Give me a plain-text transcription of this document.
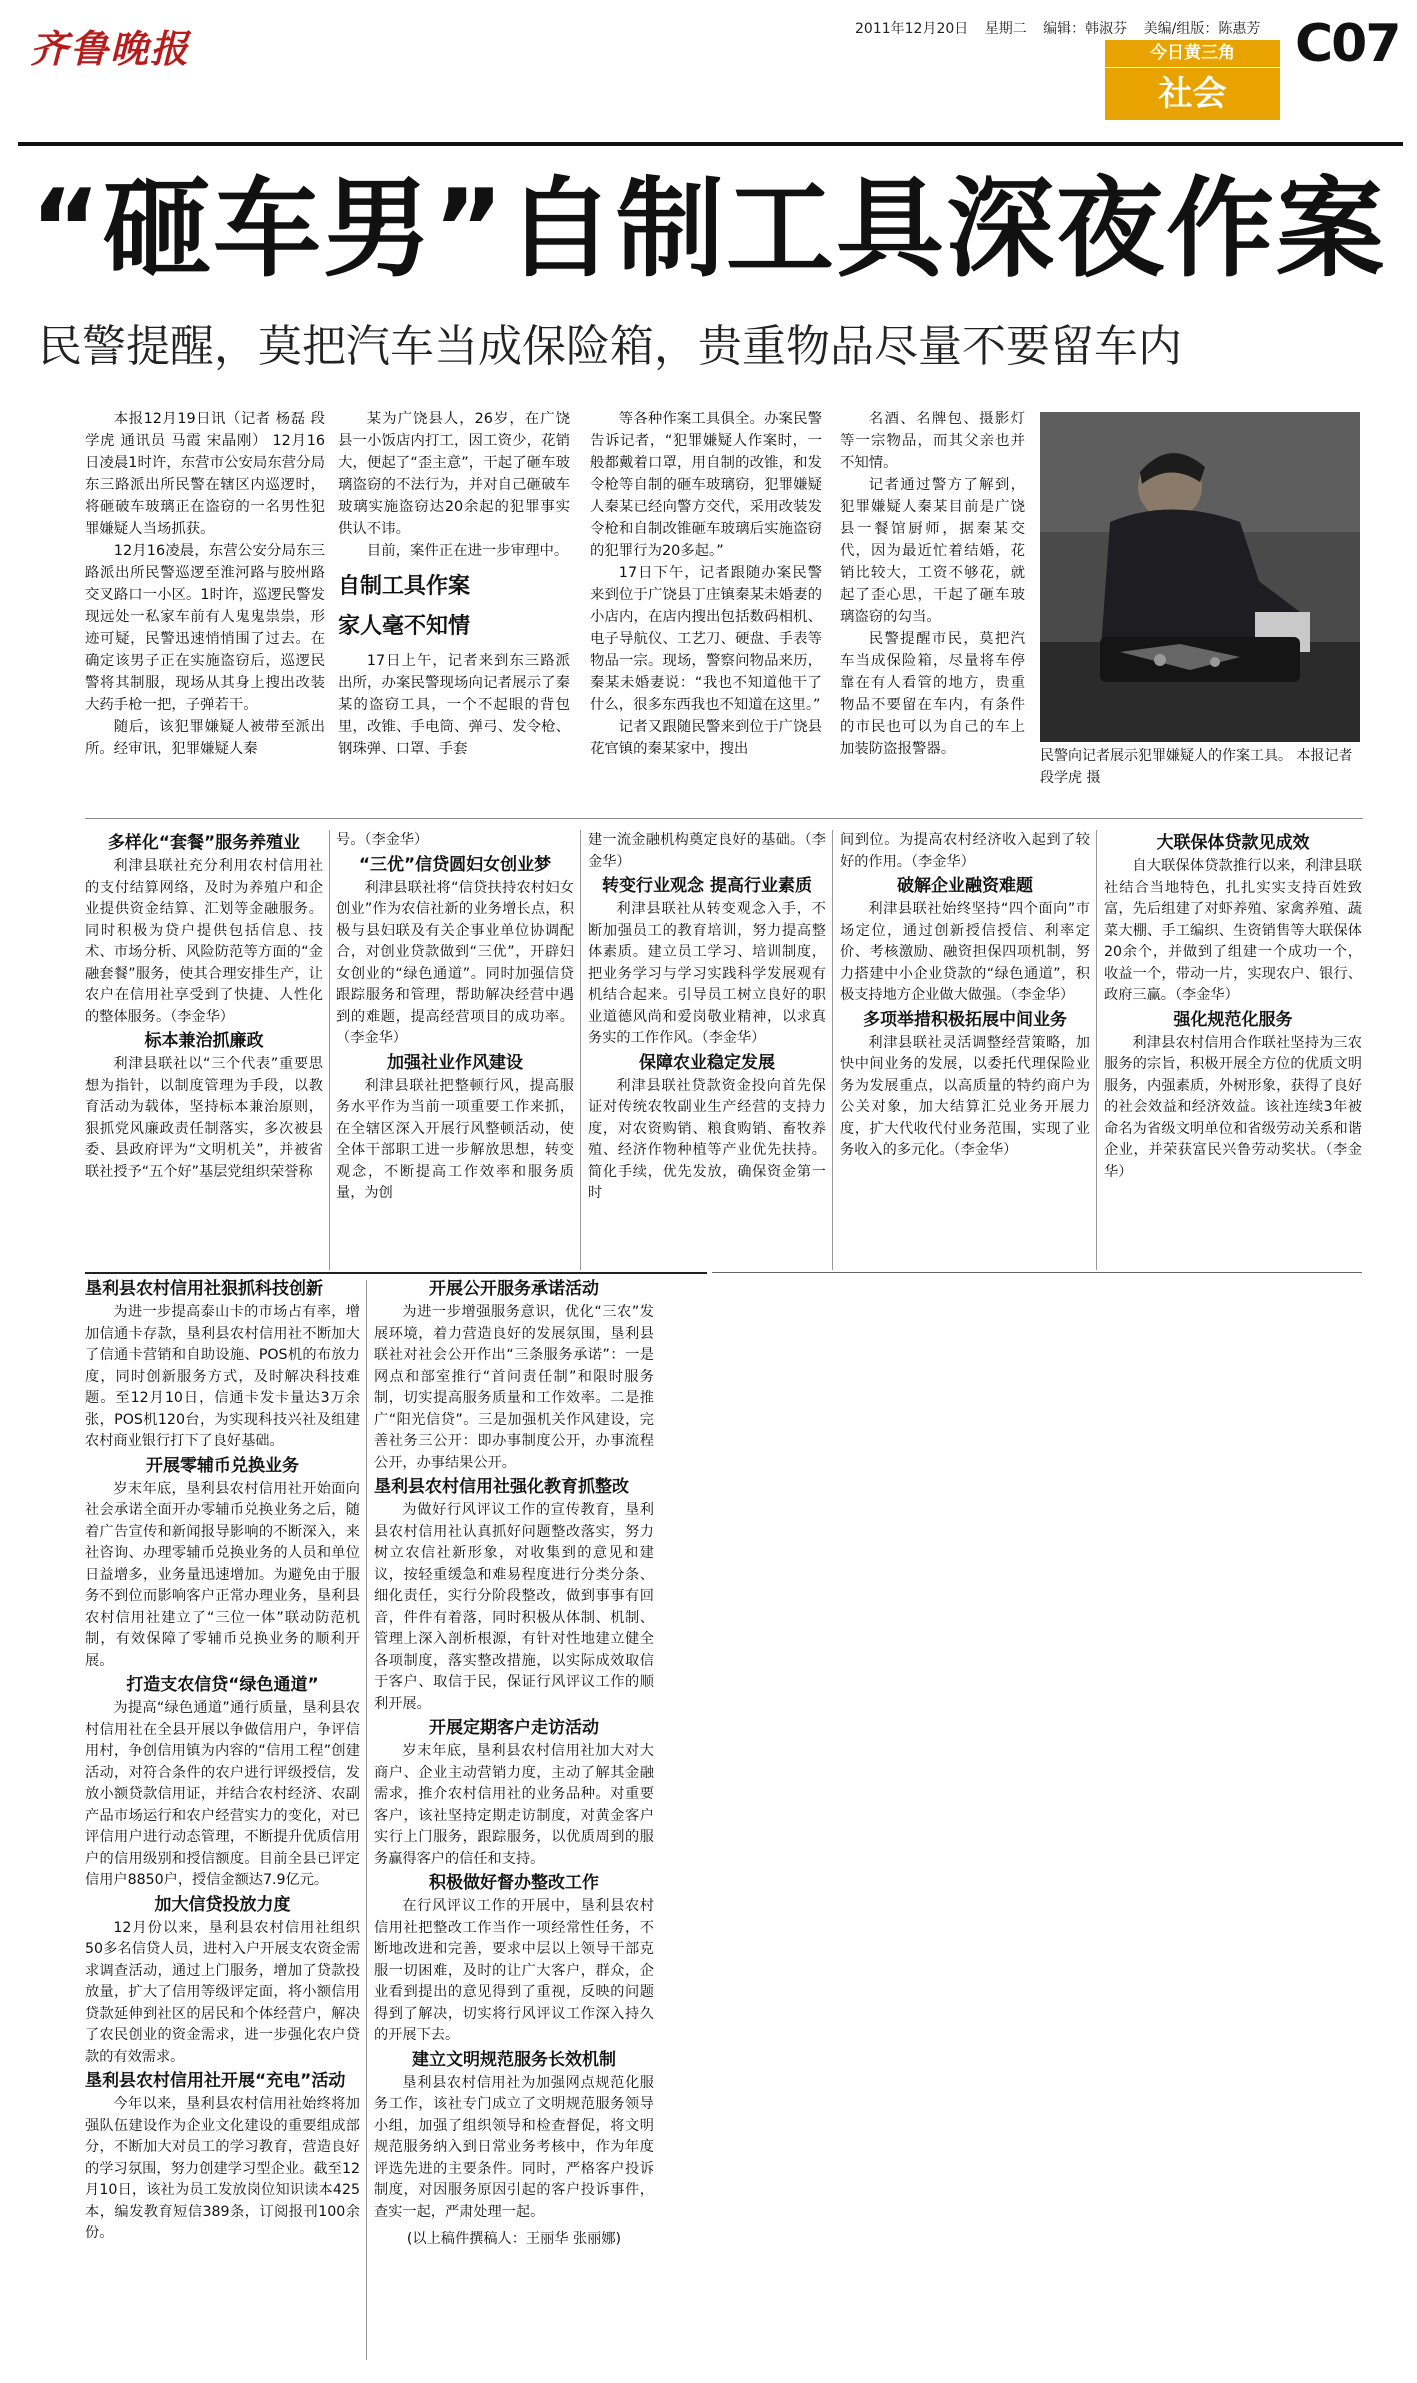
齐鲁晚报	2011年12月20日 星期二 编辑：韩淑芬 美编/组版：陈惠芳
今日黄三角
社会
C07
“砸车男”自制工具深夜作案
民警提醒，莫把汽车当成保险箱，贵重物品尽量不要留车内

本报12月19日讯（记者 杨磊 段学虎 通讯员 马霞 宋晶刚） 12月16日凌晨1时许，东营市公安局东营分局东三路派出所民警在辖区内巡逻时，将砸破车玻璃正在盗窃的一名男性犯罪嫌疑人当场抓获。

12月16凌晨，东营公安分局东三路派出所民警巡逻至淮河路与胶州路交叉路口一小区。1时许，巡逻民警发现远处一私家车前有人鬼鬼祟祟，形迹可疑，民警迅速悄悄围了过去。在确定该男子正在实施盗窃后，巡逻民警将其制服，现场从其身上搜出改装大药手枪一把，子弹若干。

随后，该犯罪嫌疑人被带至派出所。经审讯，犯罪嫌疑人秦

某为广饶县人，26岁，在广饶县一小饭店内打工，因工资少，花销大，便起了“歪主意”，干起了砸车玻璃盗窃的不法行为，并对自己砸破车玻璃实施盗窃达20余起的犯罪事实供认不讳。

目前，案件正在进一步审理中。

自制工具作案

家人毫不知情

17日上午，记者来到东三路派出所，办案民警现场向记者展示了秦某的盗窃工具，一个不起眼的背包里，改锥、手电筒、弹弓、发令枪、钢珠弹、口罩、手套

等各种作案工具俱全。办案民警告诉记者，“犯罪嫌疑人作案时，一般都戴着口罩，用自制的改锥，和发令枪等自制的砸车玻璃窃，犯罪嫌疑人秦某已经向警方交代，采用改装发令枪和自制改锥砸车玻璃后实施盗窃的犯罪行为20多起。”

17日下午，记者跟随办案民警来到位于广饶县丁庄镇秦某未婚妻的小店内，在店内搜出包括数码相机、电子导航仪、工艺刀、硬盘、手表等物品一宗。现场，警察问物品来历，秦某未婚妻说：“我也不知道他干了什么，很多东西我也不知道在这里。”

记者又跟随民警来到位于广饶县花官镇的秦某家中，搜出

名酒、名牌包、摄影灯等一宗物品，而其父亲也并不知情。

记者通过警方了解到，犯罪嫌疑人秦某目前是广饶县一餐馆厨师，据秦某交代，因为最近忙着结婚，花销比较大，工资不够花，就起了歪心思，干起了砸车玻璃盗窃的勾当。

民警提醒市民，莫把汽车当成保险箱，尽量将车停靠在有人看管的地方，贵重物品不要留在车内，有条件的市民也可以为自己的车上加装防盗报警器。	民警向记者展示犯罪嫌疑人的作案工具。 本报记者 段学虎 摄

多样化“套餐”服务养殖业

利津县联社充分利用农村信用社的支付结算网络，及时为养殖户和企业提供资金结算、汇划等金融服务。同时积极为贷户提供包括信息、技术、市场分析、风险防范等方面的“金融套餐”服务，使其合理安排生产，让农户在信用社享受到了快捷、人性化的整体服务。（李金华）

标本兼治抓廉政

利津县联社以“三个代表”重要思想为指针，以制度管理为手段，以教育活动为载体，坚持标本兼治原则，狠抓党风廉政责任制落实，多次被县委、县政府评为“文明机关”，并被省联社授予“五个好”基层党组织荣誉称

号。（李金华）

“三优”信贷圆妇女创业梦

利津县联社将“信贷扶持农村妇女创业”作为农信社新的业务增长点，积极与县妇联及有关企事业单位协调配合，对创业贷款做到“三优”，开辟妇女创业的“绿色通道”。同时加强信贷跟踪服务和管理，帮助解决经营中遇到的难题，提高经营项目的成功率。（李金华）

加强社业作风建设

利津县联社把整顿行风，提高服务水平作为当前一项重要工作来抓，在全辖区深入开展行风整顿活动，使全体干部职工进一步解放思想，转变观念，不断提高工作效率和服务质量，为创

建一流金融机构奠定良好的基础。（李金华）

转变行业观念 提高行业素质

利津县联社从转变观念入手，不断加强员工的教育培训，努力提高整体素质。建立员工学习、培训制度，把业务学习与学习实践科学发展观有机结合起来。引导员工树立良好的职业道德风尚和爱岗敬业精神，以求真务实的工作作风。（李金华）

保障农业稳定发展

利津县联社贷款资金投向首先保证对传统农牧副业生产经营的支持力度，对农资购销、粮食购销、畜牧养殖、经济作物种植等产业优先扶持。简化手续，优先发放，确保资金第一时

间到位。为提高农村经济收入起到了较好的作用。（李金华）

破解企业融资难题

利津县联社始终坚持“四个面向”市场定位，通过创新授信授信、利率定价、考核激励、融资担保四项机制，努力搭建中小企业贷款的“绿色通道”，积极支持地方企业做大做强。（李金华）

多项举措积极拓展中间业务

利津县联社灵活调整经营策略，加快中间业务的发展，以委托代理保险业务为发展重点，以高质量的特约商户为公关对象，加大结算汇兑业务开展力度，扩大代收代付业务范围，实现了业务收入的多元化。（李金华）

大联保体贷款见成效

自大联保体贷款推行以来，利津县联社结合当地特色，扎扎实实支持百姓致富，先后组建了对虾养殖、家禽养殖、蔬菜大棚、手工编织、生资销售等大联保体20余个，并做到了组建一个成功一个，收益一个，带动一片，实现农户、银行、政府三赢。（李金华）

强化规范化服务

利津县农村信用合作联社坚持为三农服务的宗旨，积极开展全方位的优质文明服务，内强素质，外树形象，获得了良好的社会效益和经济效益。该社连续3年被命名为省级文明单位和省级劳动关系和谐企业，并荣获富民兴鲁劳动奖状。（李金华）

垦利县农村信用社狠抓科技创新

为进一步提高泰山卡的市场占有率，增加信通卡存款，垦利县农村信用社不断加大了信通卡营销和自助设施、POS机的布放力度，同时创新服务方式，及时解决科技难题。至12月10日，信通卡发卡量达3万余张，POS机120台，为实现科技兴社及组建农村商业银行打下了良好基础。

开展零辅币兑换业务

岁末年底，垦利县农村信用社开始面向社会承诺全面开办零辅币兑换业务之后，随着广告宣传和新闻报导影响的不断深入，来社咨询、办理零辅币兑换业务的人员和单位日益增多，业务量迅速增加。为避免由于服务不到位而影响客户正常办理业务，垦利县农村信用社建立了“三位一体”联动防范机制，有效保障了零辅币兑换业务的顺利开展。

打造支农信贷“绿色通道”

为提高“绿色通道”通行质量，垦利县农村信用社在全县开展以争做信用户，争评信用村，争创信用镇为内容的“信用工程”创建活动，对符合条件的农户进行评级授信，发放小额贷款信用证，并结合农村经济、农副产品市场运行和农户经营实力的变化，对已评信用户进行动态管理，不断提升优质信用户的信用级别和授信额度。目前全县已评定信用户8850户，授信金额达7.9亿元。

加大信贷投放力度

12月份以来，垦利县农村信用社组织50多名信贷人员，进村入户开展支农资金需求调查活动，通过上门服务，增加了贷款投放量，扩大了信用等级评定面，将小额信用贷款延伸到社区的居民和个体经营户，解决了农民创业的资金需求，进一步强化农户贷款的有效需求。

垦利县农村信用社开展“充电”活动

今年以来，垦利县农村信用社始终将加强队伍建设作为企业文化建设的重要组成部分，不断加大对员工的学习教育，营造良好的学习氛围，努力创建学习型企业。截至12月10日，该社为员工发放岗位知识读本425本，编发教育短信389条，订阅报刊100余份。

开展公开服务承诺活动

为进一步增强服务意识，优化“三农”发展环境，着力营造良好的发展氛围，垦利县联社对社会公开作出“三条服务承诺”：一是网点和部室推行“首问责任制”和限时服务制，切实提高服务质量和工作效率。二是推广“阳光信贷”。三是加强机关作风建设，完善社务三公开：即办事制度公开，办事流程公开，办事结果公开。

垦利县农村信用社强化教育抓整改

为做好行风评议工作的宣传教育，垦利县农村信用社认真抓好问题整改落实，努力树立农信社新形象，对收集到的意见和建议，按轻重缓急和难易程度进行分类分条、细化责任，实行分阶段整改，做到事事有回音，件件有着落，同时积极从体制、机制、管理上深入剖析根源，有针对性地建立健全各项制度，落实整改措施，以实际成效取信于客户、取信于民，保证行风评议工作的顺利开展。

开展定期客户走访活动

岁末年底，垦利县农村信用社加大对大商户、企业主动营销力度，主动了解其金融需求，推介农村信用社的业务品种。对重要客户，该社坚持定期走访制度，对黄金客户实行上门服务，跟踪服务，以优质周到的服务赢得客户的信任和支持。

积极做好督办整改工作

在行风评议工作的开展中，垦利县农村信用社把整改工作当作一项经常性任务，不断地改进和完善，要求中层以上领导干部克服一切困难，及时的让广大客户，群众，企业看到提出的意见得到了重视，反映的问题得到了解决，切实将行风评议工作深入持久的开展下去。

建立文明规范服务长效机制

垦利县农村信用社为加强网点规范化服务工作，该社专门成立了文明规范服务领导小组，加强了组织领导和检查督促，将文明规范服务纳入到日常业务考核中，作为年度评选先进的主要条件。同时，严格客户投诉制度，对因服务原因引起的客户投诉事件，查实一起，严肃处理一起。

(以上稿件撰稿人：王丽华 张丽娜)
